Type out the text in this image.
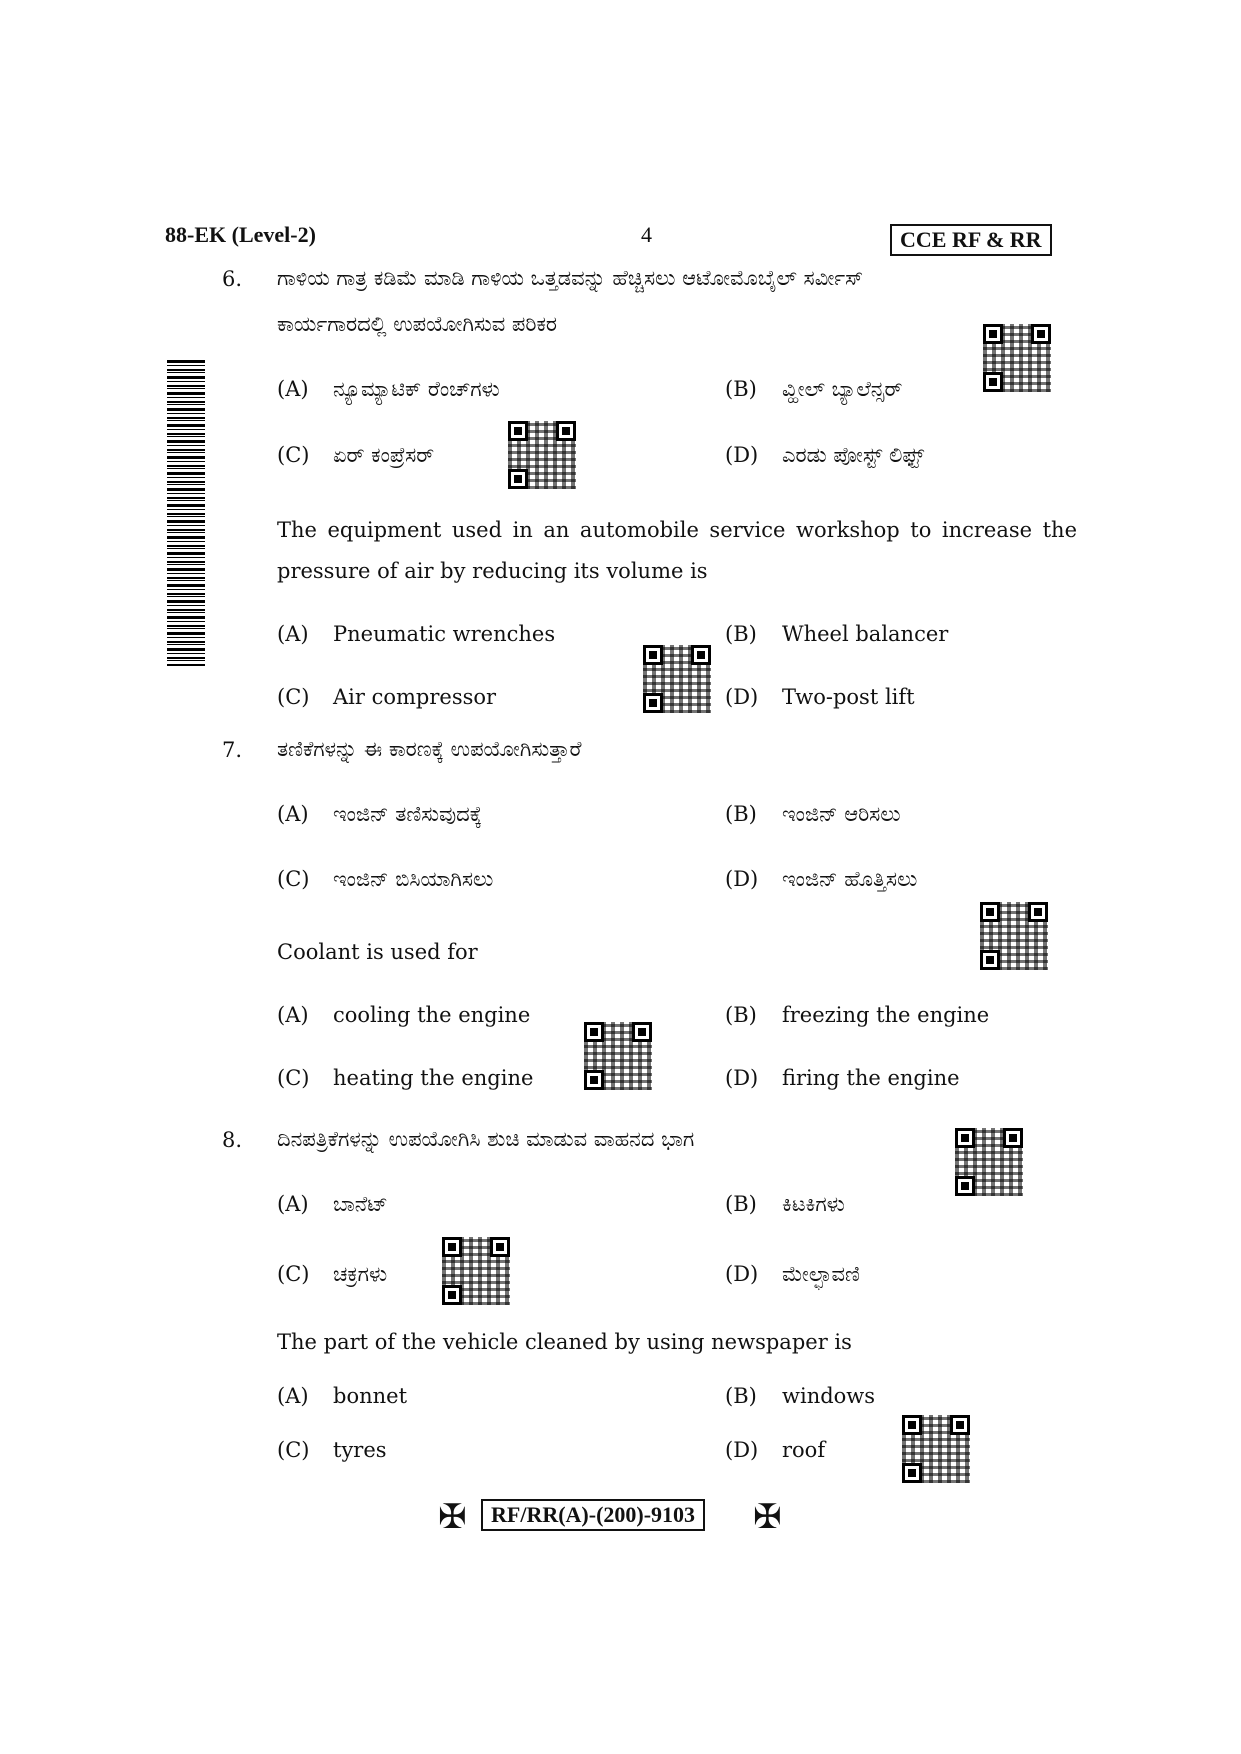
88-EK (Level-2)	4	CCE RF & RR
6. ಗಾಳಿಯ ಗಾತ್ರ ಕಡಿಮೆ ಮಾಡಿ ಗಾಳಿಯ ಒತ್ತಡವನ್ನು ಹೆಚ್ಚಿಸಲು ಆಟೋಮೊಬೈಲ್ ಸರ್ವೀಸ್
ಕಾರ್ಯಗಾರದಲ್ಲಿ ಉಪಯೋಗಿಸುವ ಪರಿಕರ
(A) ನ್ಯೂಮ್ಯಾಟಿಕ್ ರೆಂಚ್‌ಗಳು	(B) ವ್ಹೀಲ್ ಬ್ಯಾಲೆನ್ಸರ್
(C) ಏರ್ ಕಂಪ್ರೆಸರ್	(D) ಎರಡು ಪೋಸ್ಟ್ ಲಿಫ್ಟ್
The equipment used in an automobile service workshop to increase the pressure of air by reducing its volume is
(A) Pneumatic wrenches	(B) Wheel balancer
(C) Air compressor	(D) Two-post lift
7. ತಣಿಕೆಗಳನ್ನು ಈ ಕಾರಣಕ್ಕೆ ಉಪಯೋಗಿಸುತ್ತಾರೆ
(A) ಇಂಜಿನ್ ತಣಿಸುವುದಕ್ಕೆ	(B) ಇಂಜಿನ್ ಆರಿಸಲು
(C) ಇಂಜಿನ್ ಬಿಸಿಯಾಗಿಸಲು	(D) ಇಂಜಿನ್ ಹೊತ್ತಿಸಲು
Coolant is used for
(A) cooling the engine	(B) freezing the engine
(C) heating the engine	(D) firing the engine
8. ದಿನಪತ್ರಿಕೆಗಳನ್ನು ಉಪಯೋಗಿಸಿ ಶುಚಿ ಮಾಡುವ ವಾಹನದ ಭಾಗ
(A) ಬಾನೆಟ್	(B) ಕಿಟಕಿಗಳು
(C) ಚಕ್ರಗಳು	(D) ಮೇಲ್ಛಾವಣಿ
The part of the vehicle cleaned by using newspaper is
(A) bonnet	(B) windows
(C) tyres	(D) roof
✠	RF/RR(A)-(200)-9103 ✠
